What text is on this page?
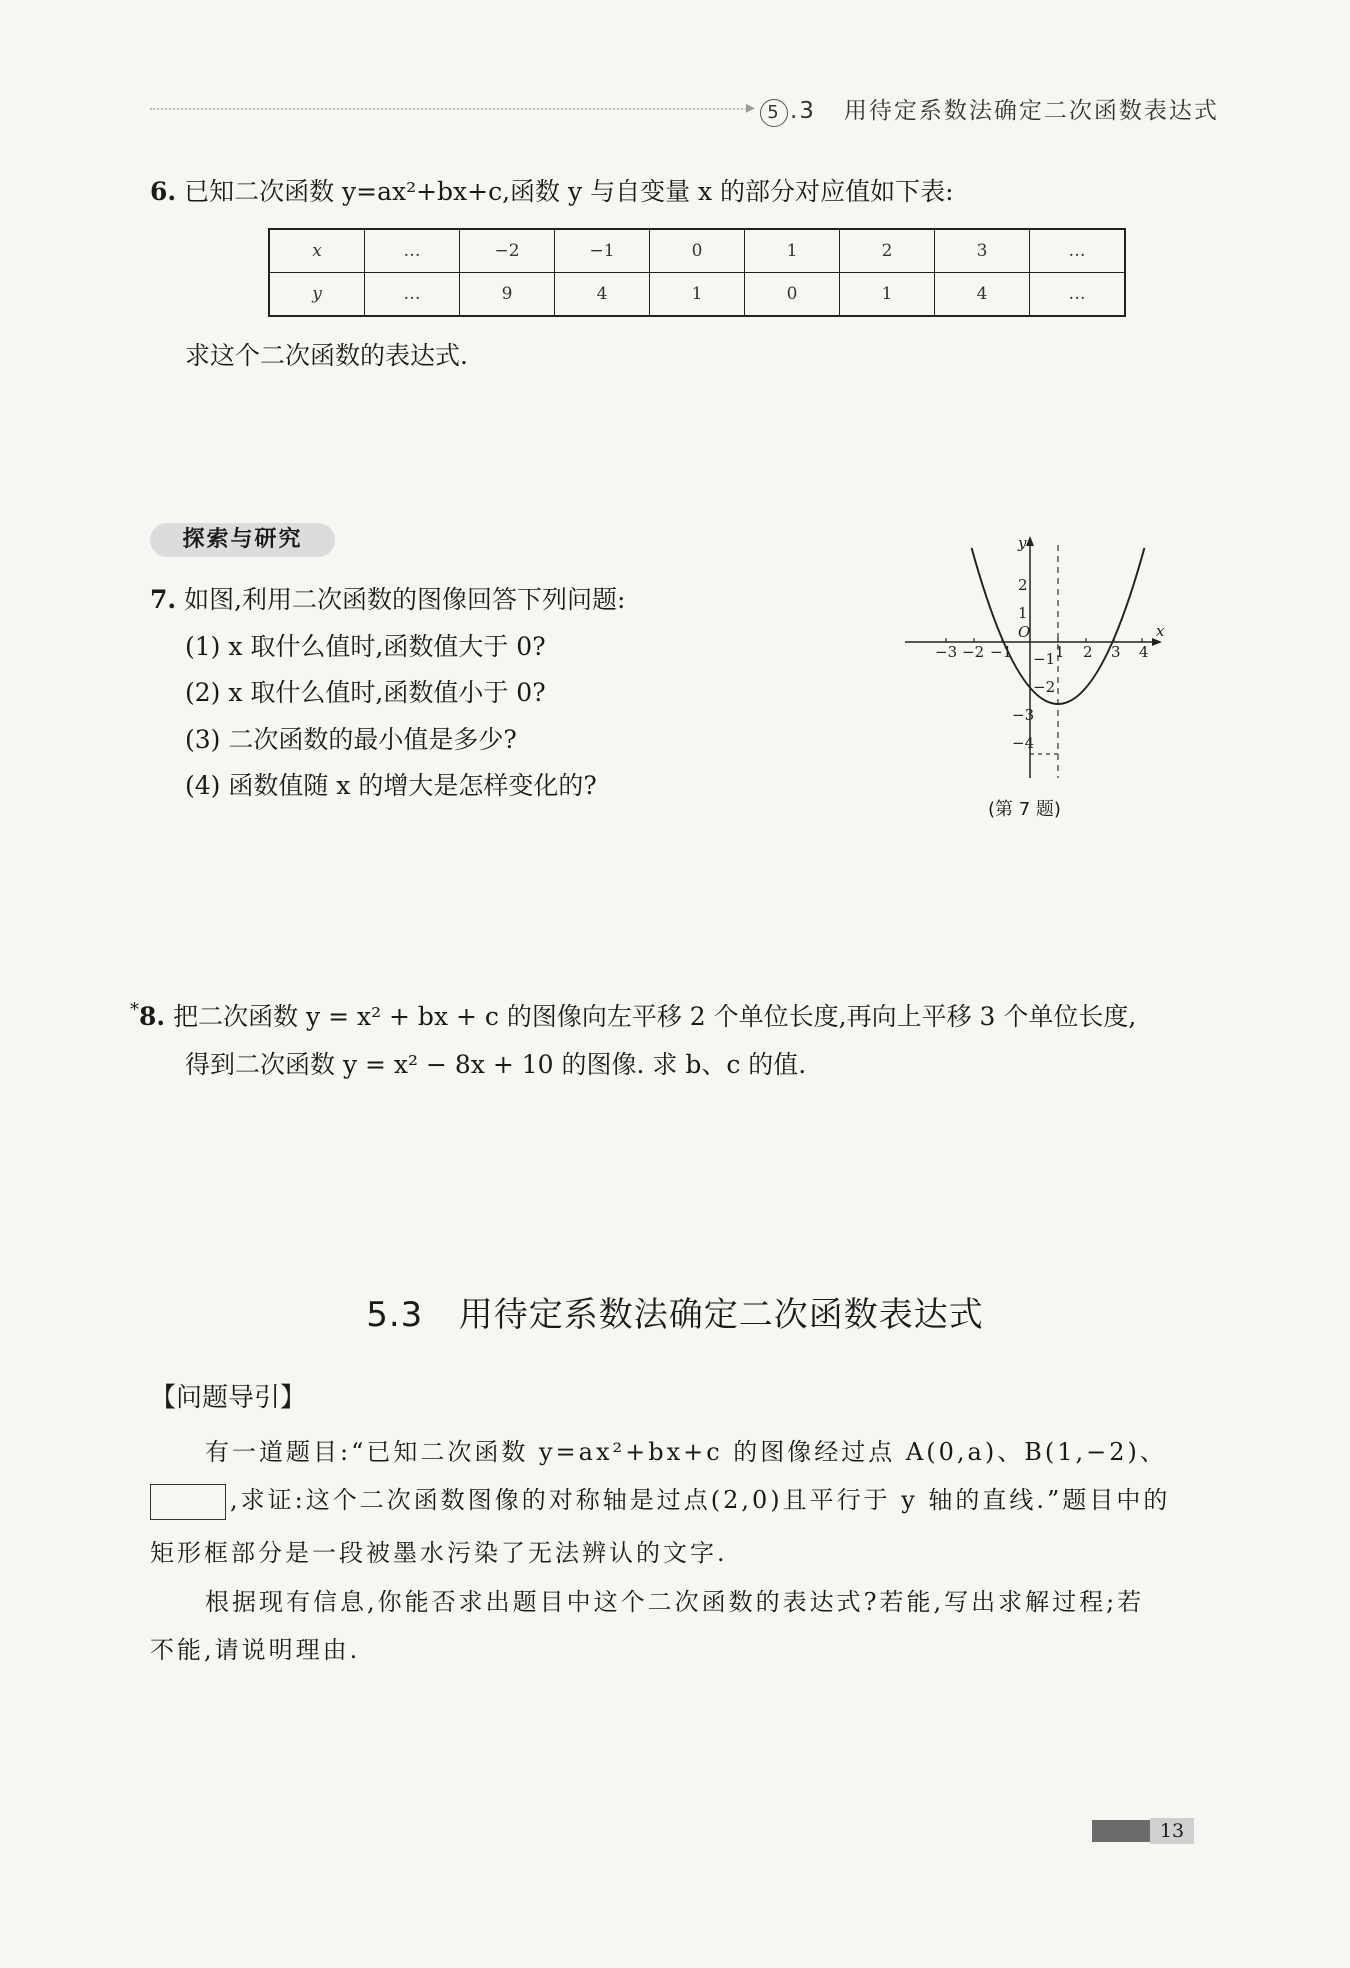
▸ 5 .3 用待定系数法确定二次函数表达式
6. 已知二次函数 y=ax²+bx+c,函数 y 与自变量 x 的部分对应值如下表:
x	…	−2	−1	0	1	2	3	…
y	…	9	4	1	0	1	4	…
求这个二次函数的表达式.
探索与研究
7. 如图,利用二次函数的图像回答下列问题:
(1) x 取什么值时,函数值大于 0?
(2) x 取什么值时,函数值小于 0?
(3) 二次函数的最小值是多少?
(4) 函数值随 x 的增大是怎样变化的?
−3 −2 −1	1 2 3 4
2
1
−1
−2
−3
−4
O	x
y
(第 7 题)
*8. 把二次函数 y = x² + bx + c 的图像向左平移 2 个单位长度,再向上平移 3 个单位长度,
得到二次函数 y = x² − 8x + 10 的图像. 求 b、c 的值.
5.3 用待定系数法确定二次函数表达式
【问题导引】
有一道题目:“已知二次函数 y=ax²+bx+c 的图像经过点 A(0,a)、B(1,−2)、
,求证:这个二次函数图像的对称轴是过点(2,0)且平行于 y 轴的直线.”题目中的
矩形框部分是一段被墨水污染了无法辨认的文字.
根据现有信息,你能否求出题目中这个二次函数的表达式?若能,写出求解过程;若
不能,请说明理由.
13
